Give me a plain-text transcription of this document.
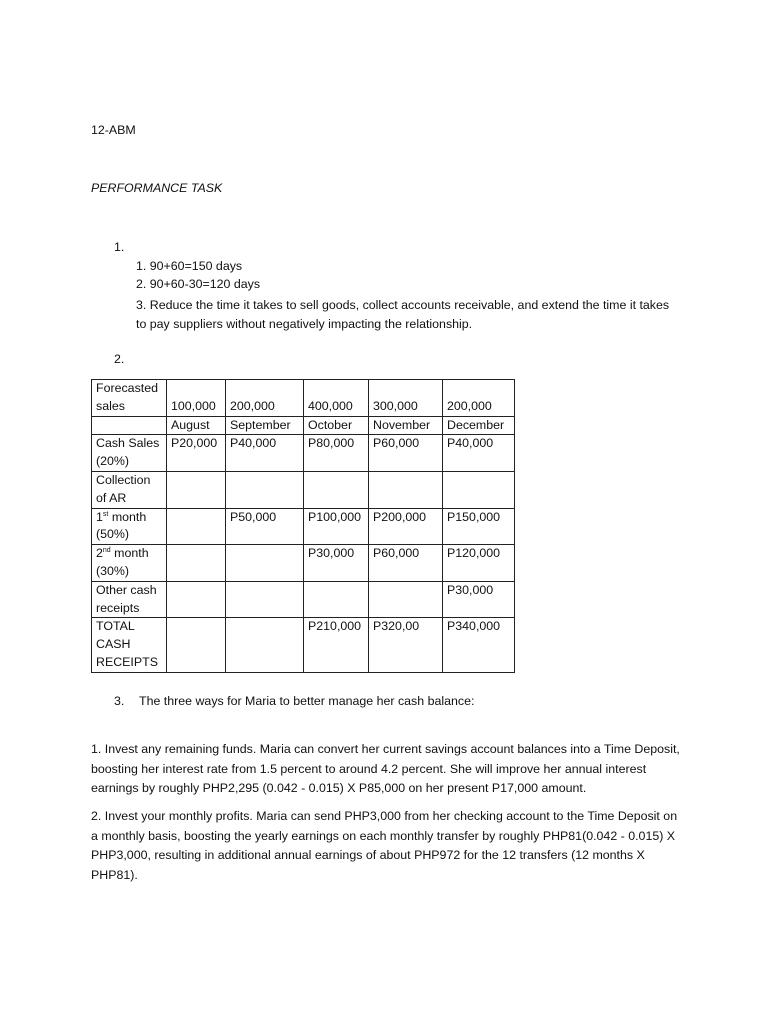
12-ABM
PERFORMANCE TASK
1.
1. 90+60=150 days
2. 90+60-30=120 days
3. Reduce the time it takes to sell goods, collect accounts receivable, and extend the time it takes to pay suppliers without negatively impacting the relationship.
2.
Forecasted sales	100,000	200,000	400,000	300,000	200,000
	August	September	October	November	December
Cash Sales
(20%)	P20,000	P40,000	P80,000	P60,000	P40,000
Collection of AR					
1st month
(50%)		P50,000	P100,000	P200,000	P150,000
2nd month
(30%)			P30,000	P60,000	P120,000
Other cash receipts					P30,000
TOTAL CASH RECEIPTS			P210,000	P320,00	P340,000
3. The three ways for Maria to better manage her cash balance:
1. Invest any remaining funds. Maria can convert her current savings account balances into a Time Deposit, boosting her interest rate from 1.5 percent to around 4.2 percent. She will improve her annual interest earnings by roughly PHP2,295 (0.042 - 0.015) X P85,000 on her present P17,000 amount.
2. Invest your monthly profits. Maria can send PHP3,000 from her checking account to the Time Deposit on a monthly basis, boosting the yearly earnings on each monthly transfer by roughly PHP81(0.042 - 0.015) X PHP3,000, resulting in additional annual earnings of about PHP972 for the 12 transfers (12 months X PHP81).
